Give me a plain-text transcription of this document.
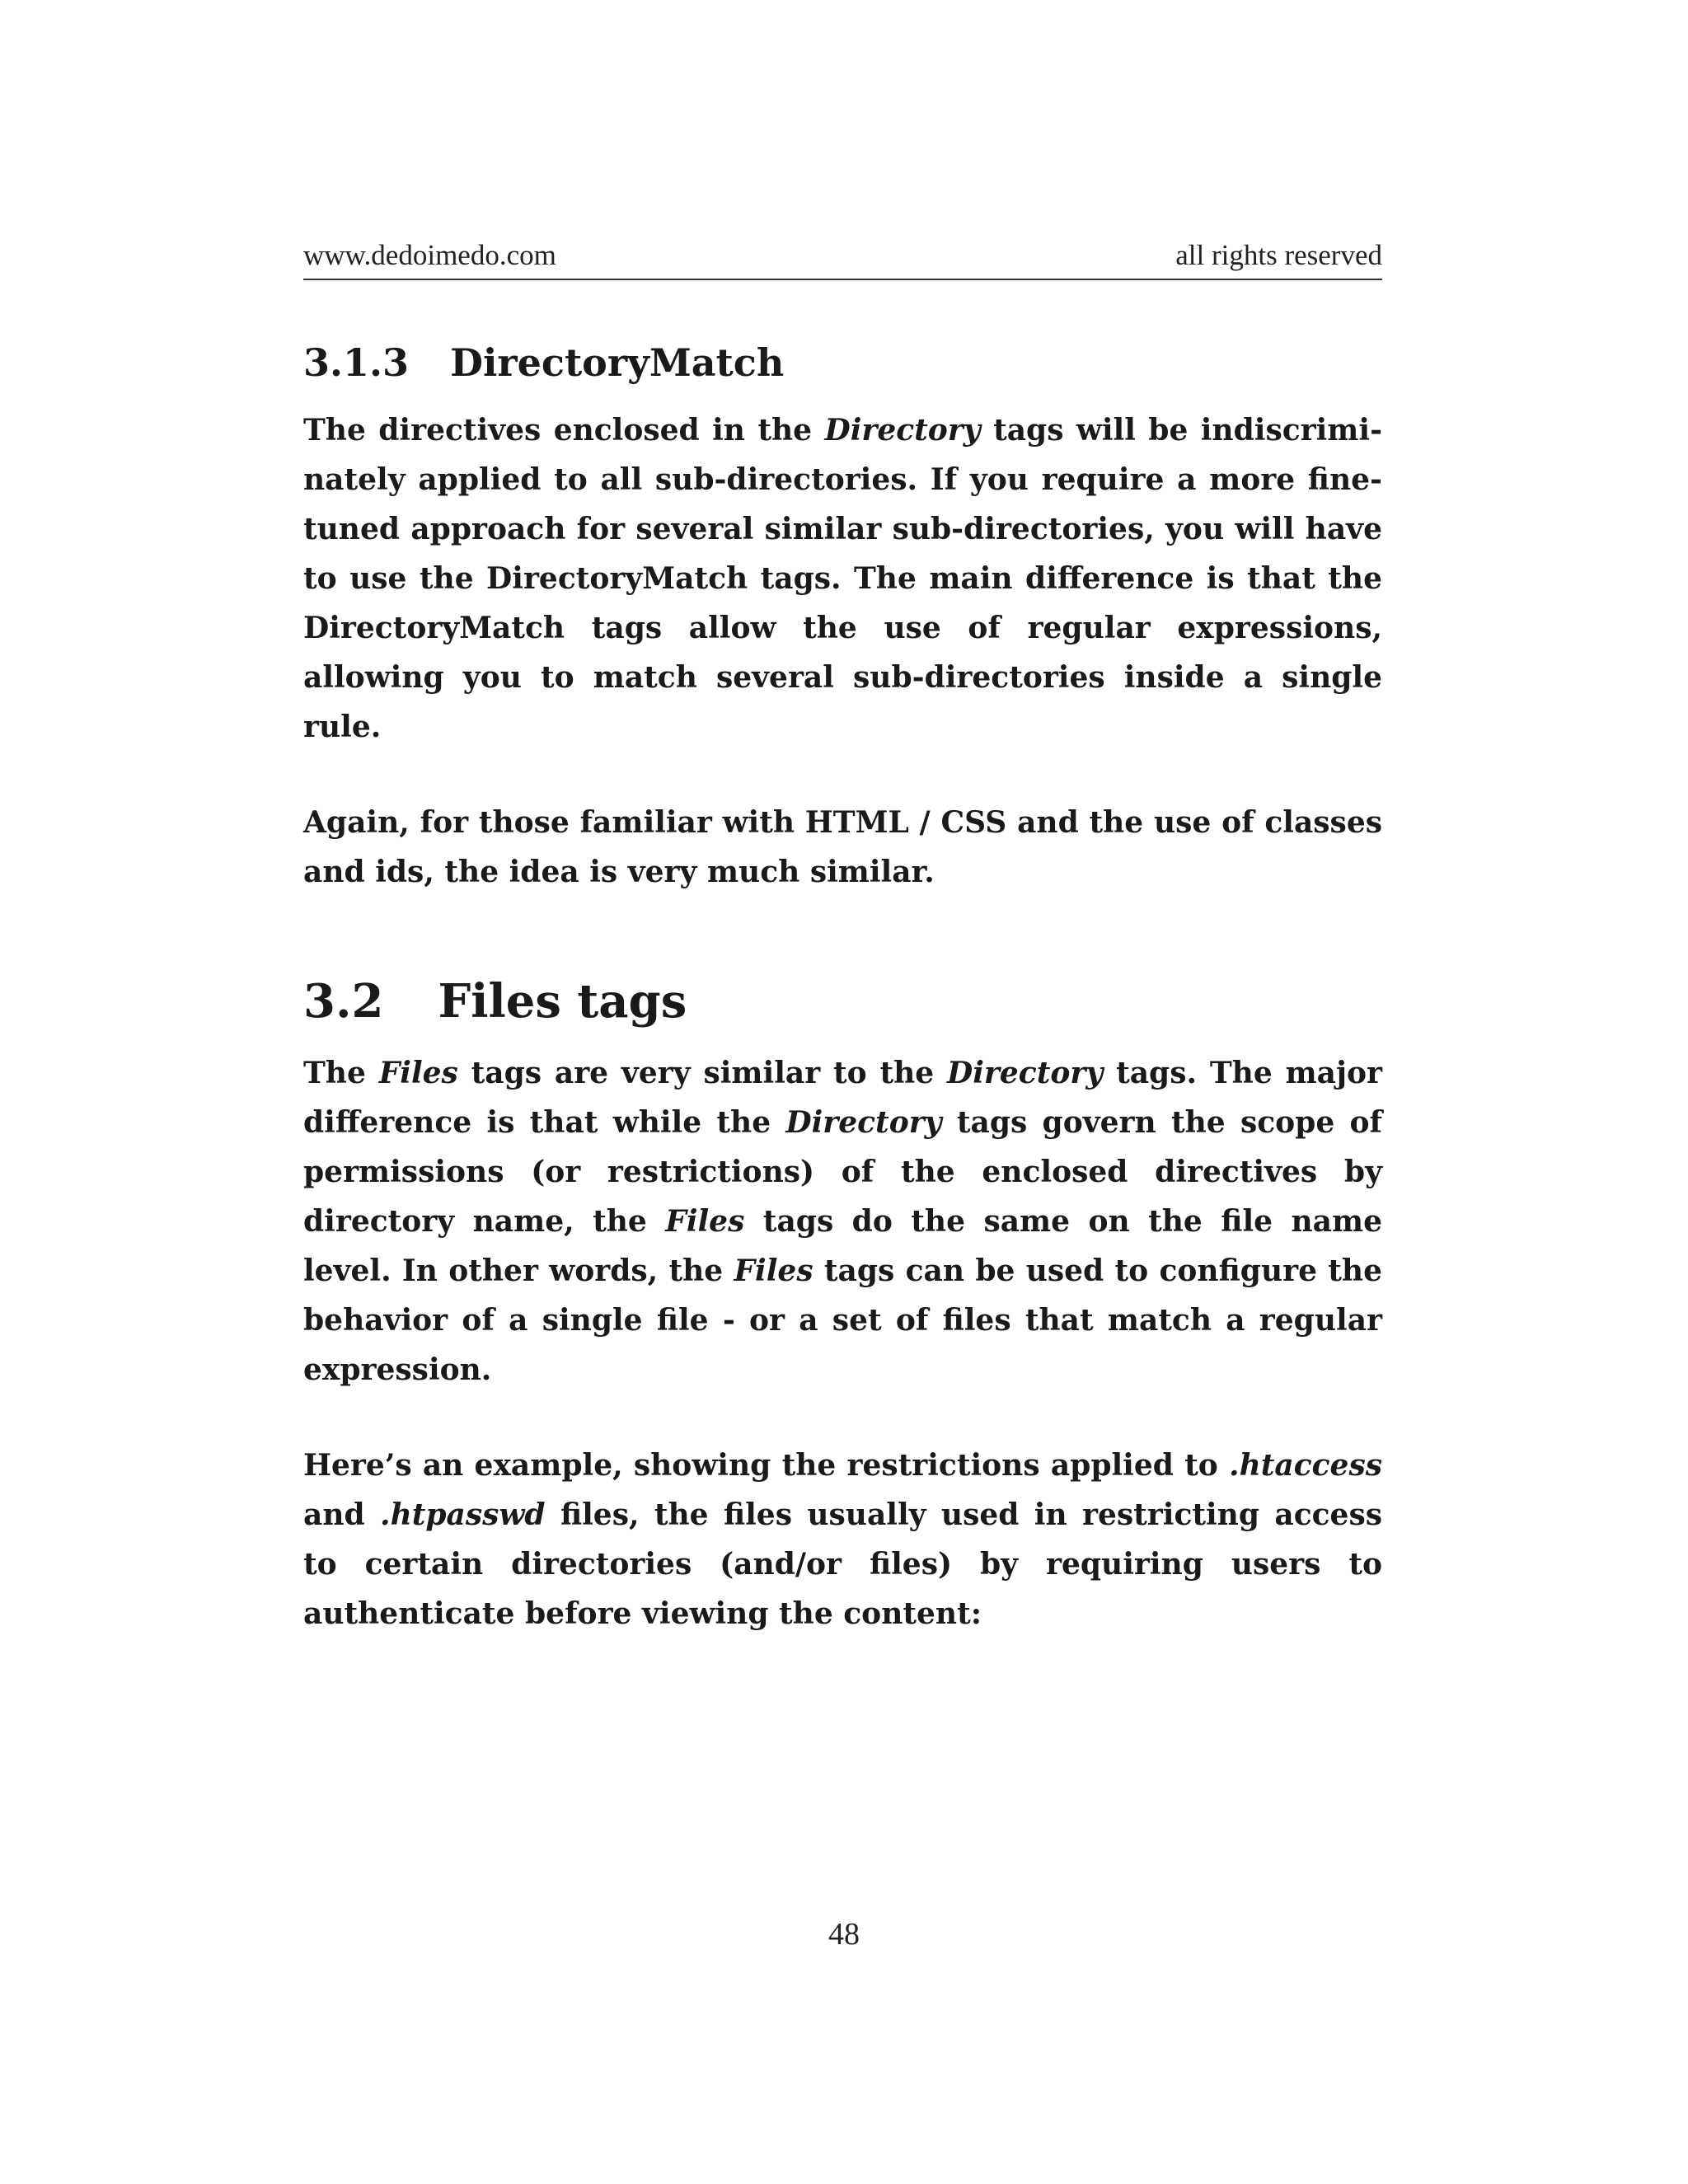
www.dedoimedo.com	all rights reserved
3.1.3 DirectoryMatch

The directives enclosed in the Directory tags will be indiscriminately applied to all sub-directories. If you require a more fine-tuned approach for several similar sub-directories, you will have to use the DirectoryMatch tags. The main difference is that the DirectoryMatch tags allow the use of regular expressions, allowing you to match several sub-directories inside a single rule.

Again, for those familiar with HTML / CSS and the use of classes and ids, the idea is very much similar.

3.2 Files tags

The Files tags are very similar to the Directory tags. The major difference is that while the Directory tags govern the scope of permissions (or restrictions) of the enclosed directives by directory name, the Files tags do the same on the file name level. In other words, the Files tags can be used to configure the behavior of a single file - or a set of files that match a regular expression.

Here’s an example, showing the restrictions applied to .htaccess and .htpasswd files, the files usually used in restricting access to certain directories (and/or files) by requiring users to authenticate before viewing the content:

48
